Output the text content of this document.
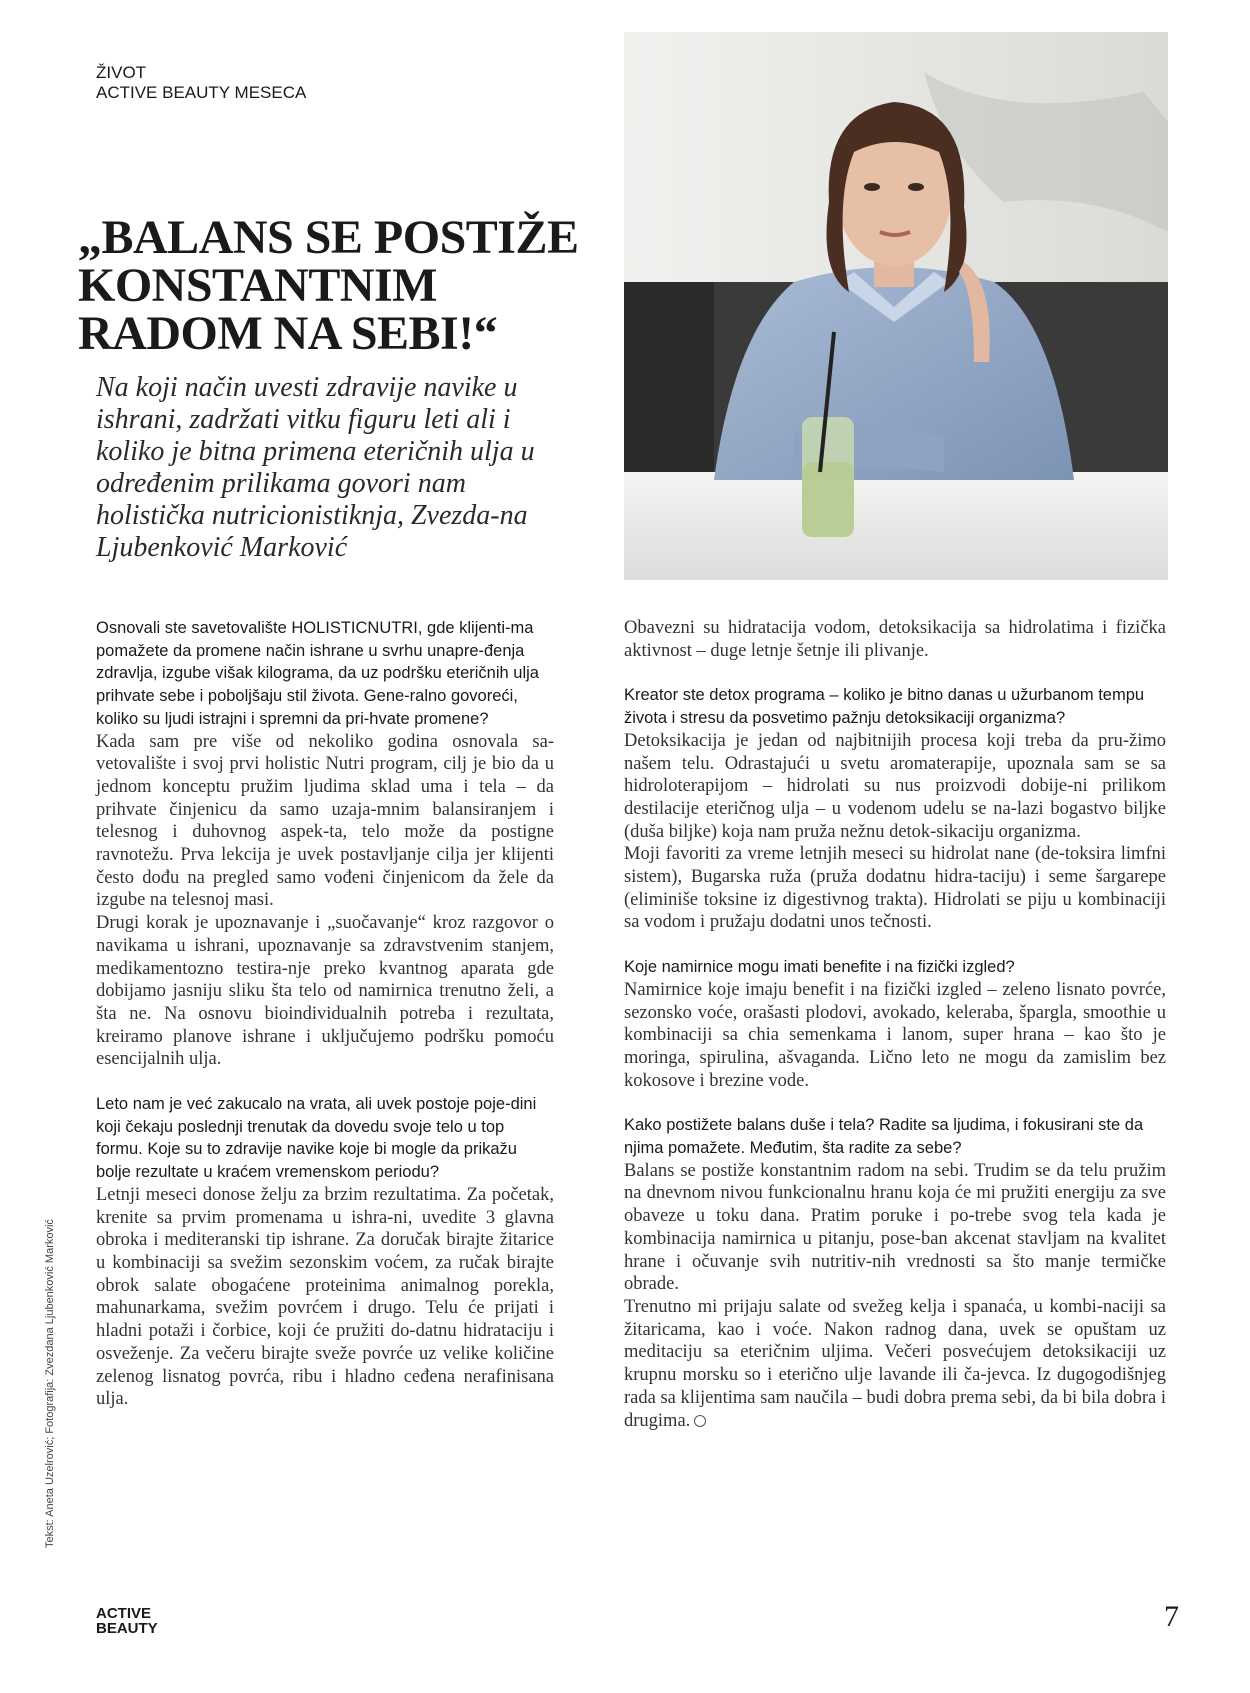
ŽIVOT
ACTIVE BEAUTY MESECA
„BALANS SE POSTIŽE KONSTANTNIM RADOM NA SEBI!“
Na koji način uvesti zdravije navike u ishrani, zadržati vitku figuru leti ali i koliko je bitna primena eteričnih ulja u određenim prilikama govori nam holistička nutricionistiknja, Zvezda-na Ljubenković Marković

Osnovali ste savetovalište HOLISTICNUTRI, gde klijenti-ma pomažete da promene način ishrane u svrhu unapre-đenja zdravlja, izgube višak kilograma, da uz podršku eteričnih ulja prihvate sebe i poboljšaju stil života. Gene-ralno govoreći, koliko su ljudi istrajni i spremni da pri-hvate promene?

Kada sam pre više od nekoliko godina osnovala sa-vetovalište i svoj prvi holistic Nutri program, cilj je bio da u jednom konceptu pružim ljudima sklad uma i tela – da prihvate činjenicu da samo uzaja-mnim balansiranjem i telesnog i duhovnog aspek-ta, telo može da postigne ravnotežu. Prva lekcija je uvek postavljanje cilja jer klijenti često dođu na pregled samo vođeni činjenicom da žele da izgube na telesnoj masi.

Drugi korak je upoznavanje i „suočavanje“ kroz razgovor o navikama u ishrani, upoznavanje sa zdravstvenim stanjem, medikamentozno testira-nje preko kvantnog aparata gde dobijamo jasniju sliku šta telo od namirnica trenutno želi, a šta ne. Na osnovu bioindividualnih potreba i rezultata, kreiramo planove ishrane i uključujemo podršku pomoću esencijalnih ulja.

Leto nam je već zakucalo na vrata, ali uvek postoje poje-dini koji čekaju poslednji trenutak da dovedu svoje telo u top formu. Koje su to zdravije navike koje bi mogle da prikažu bolje rezultate u kraćem vremenskom periodu?

Letnji meseci donose želju za brzim rezultatima. Za početak, krenite sa prvim promenama u ishra-ni, uvedite 3 glavna obroka i mediteranski tip ishrane. Za doručak birajte žitarice u kombinaciji sa svežim sezonskim voćem, za ručak birajte obrok salate obogaćene proteinima animalnog porekla, mahunarkama, svežim povrćem i drugo. Telu će prijati i hladni potaži i čorbice, koji će pružiti do-datnu hidrataciju i osveženje. Za večeru birajte sveže povrće uz velike količine zelenog lisnatog povrća, ribu i hladno ceđena nerafinisana ulja.

Obavezni su hidratacija vodom, detoksikacija sa hidrolatima i fizička aktivnost – duge letnje šetnje ili plivanje.

Kreator ste detox programa – koliko je bitno danas u užurbanom tempu života i stresu da posvetimo pažnju detoksikaciji organizma?

Detoksikacija je jedan od najbitnijih procesa koji treba da pru-žimo našem telu. Odrastajući u svetu aromaterapije, upoznala sam se sa hidroloterapijom – hidrolati su nus proizvodi dobije-ni prilikom destilacije eteričnog ulja – u vodenom udelu se na-lazi bogastvo biljke (duša biljke) koja nam pruža nežnu detok-sikaciju organizma.

Moji favoriti za vreme letnjih meseci su hidrolat nane (de-toksira limfni sistem), Bugarska ruža (pruža dodatnu hidra-taciju) i seme šargarepe (eliminiše toksine iz digestivnog trakta). Hidrolati se piju u kombinaciji sa vodom i pružaju dodatni unos tečnosti.

Koje namirnice mogu imati benefite i na fizički izgled?

Namirnice koje imaju benefit i na fizički izgled – zeleno lisnato povrće, sezonsko voće, orašasti plodovi, avokado, keleraba, špargla, smoothie u kombinaciji sa chia semenkama i lanom, super hrana – kao što je moringa, spirulina, ašvaganda. Lično leto ne mogu da zamislim bez kokosove i brezine vode.

Kako postižete balans duše i tela? Radite sa ljudima, i fokusirani ste da njima pomažete. Međutim, šta radite za sebe?

Balans se postiže konstantnim radom na sebi. Trudim se da telu pružim na dnevnom nivou funkcionalnu hranu koja će mi pružiti energiju za sve obaveze u toku dana. Pratim poruke i po-trebe svog tela kada je kombinacija namirnica u pitanju, pose-ban akcenat stavljam na kvalitet hrane i očuvanje svih nutritiv-nih vrednosti sa što manje termičke obrade.

Trenutno mi prijaju salate od svežeg kelja i spanaća, u kombi-naciji sa žitaricama, kao i voće. Nakon radnog dana, uvek se opuštam uz meditaciju sa eteričnim uljima. Večeri posvećujem detoksikaciji uz krupnu morsku so i eterično ulje lavande ili ča-jevca. Iz dugogodišnjeg rada sa klijentima sam naučila – budi dobra prema sebi, da bi bila dobra i drugima.

Tekst: Aneta Uzelrović; Fotografija: Zvezdana Ljubenković Marković
ACTIVE
BEAUTY	7
